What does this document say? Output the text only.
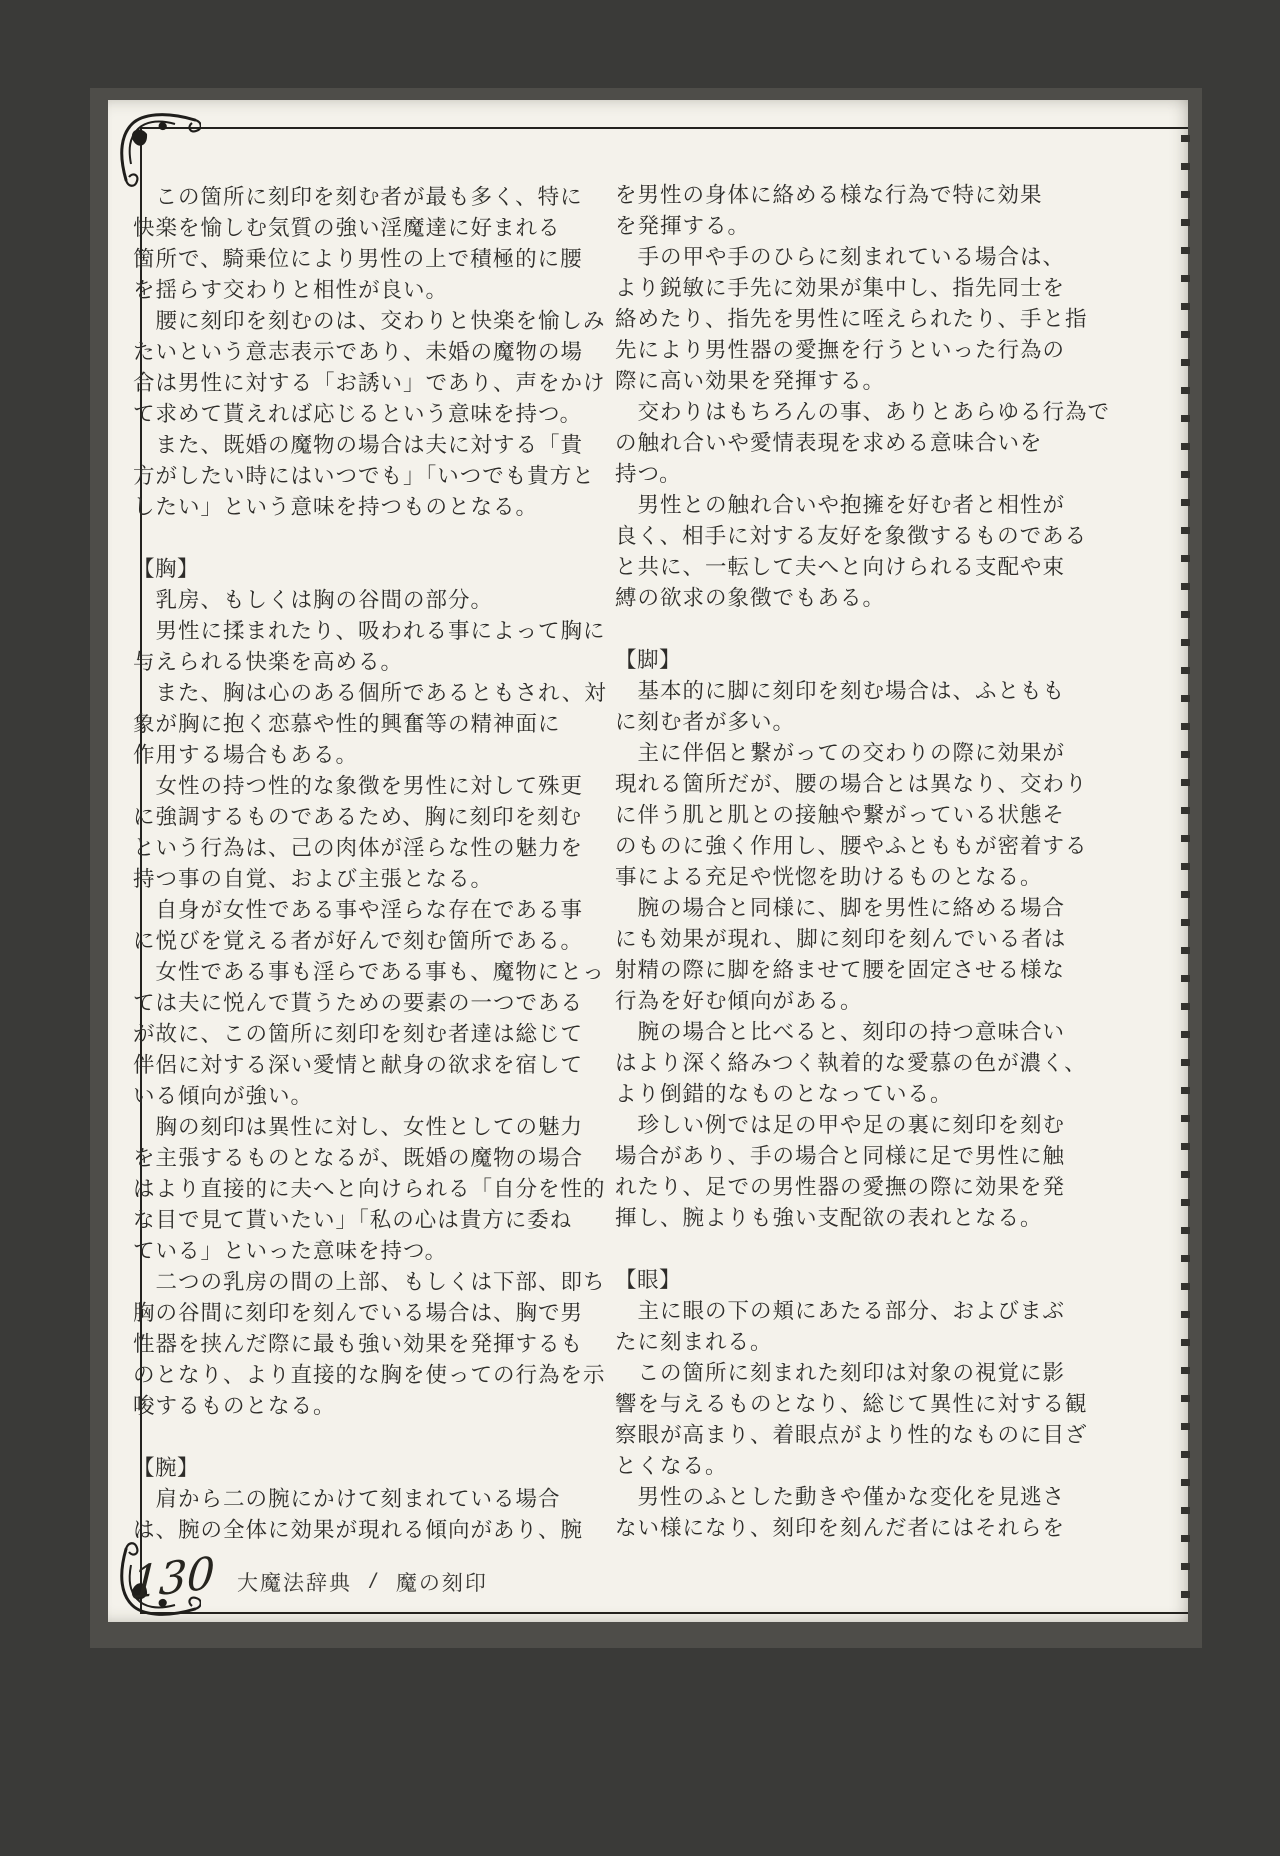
　この箇所に刻印を刻む者が最も多く、特に
快楽を愉しむ気質の強い淫魔達に好まれる
箇所で、騎乗位により男性の上で積極的に腰
を揺らす交わりと相性が良い。
　腰に刻印を刻むのは、交わりと快楽を愉しみ
たいという意志表示であり、未婚の魔物の場
合は男性に対する「お誘い」であり、声をかけ
て求めて貰えれば応じるという意味を持つ。
　また、既婚の魔物の場合は夫に対する「貴
方がしたい時にはいつでも」「いつでも貴方と
したい」という意味を持つものとなる。
【胸】
　乳房、もしくは胸の谷間の部分。
　男性に揉まれたり、吸われる事によって胸に
与えられる快楽を高める。
　また、胸は心のある個所であるともされ、対
象が胸に抱く恋慕や性的興奮等の精神面に
作用する場合もある。
　女性の持つ性的な象徴を男性に対して殊更
に強調するものであるため、胸に刻印を刻む
という行為は、己の肉体が淫らな性の魅力を
持つ事の自覚、および主張となる。
　自身が女性である事や淫らな存在である事
に悦びを覚える者が好んで刻む箇所である。
　女性である事も淫らである事も、魔物にとっ
ては夫に悦んで貰うための要素の一つである
が故に、この箇所に刻印を刻む者達は総じて
伴侶に対する深い愛情と献身の欲求を宿して
いる傾向が強い。
　胸の刻印は異性に対し、女性としての魅力
を主張するものとなるが、既婚の魔物の場合
はより直接的に夫へと向けられる「自分を性的
な目で見て貰いたい」「私の心は貴方に委ね
ている」といった意味を持つ。
　二つの乳房の間の上部、もしくは下部、即ち
胸の谷間に刻印を刻んでいる場合は、胸で男
性器を挟んだ際に最も強い効果を発揮するも
のとなり、より直接的な胸を使っての行為を示
唆するものとなる。
【腕】
　肩から二の腕にかけて刻まれている場合
は、腕の全体に効果が現れる傾向があり、腕
を男性の身体に絡める様な行為で特に効果
を発揮する。
　手の甲や手のひらに刻まれている場合は、
より鋭敏に手先に効果が集中し、指先同士を
絡めたり、指先を男性に咥えられたり、手と指
先により男性器の愛撫を行うといった行為の
際に高い効果を発揮する。
　交わりはもちろんの事、ありとあらゆる行為で
の触れ合いや愛情表現を求める意味合いを
持つ。
　男性との触れ合いや抱擁を好む者と相性が
良く、相手に対する友好を象徴するものである
と共に、一転して夫へと向けられる支配や束
縛の欲求の象徴でもある。
【脚】
　基本的に脚に刻印を刻む場合は、ふともも
に刻む者が多い。
　主に伴侶と繋がっての交わりの際に効果が
現れる箇所だが、腰の場合とは異なり、交わり
に伴う肌と肌との接触や繋がっている状態そ
のものに強く作用し、腰やふとももが密着する
事による充足や恍惚を助けるものとなる。
　腕の場合と同様に、脚を男性に絡める場合
にも効果が現れ、脚に刻印を刻んでいる者は
射精の際に脚を絡ませて腰を固定させる様な
行為を好む傾向がある。
　腕の場合と比べると、刻印の持つ意味合い
はより深く絡みつく執着的な愛慕の色が濃く、
より倒錯的なものとなっている。
　珍しい例では足の甲や足の裏に刻印を刻む
場合があり、手の場合と同様に足で男性に触
れたり、足での男性器の愛撫の際に効果を発
揮し、腕よりも強い支配欲の表れとなる。
【眼】
　主に眼の下の頬にあたる部分、およびまぶ
たに刻まれる。
　この箇所に刻まれた刻印は対象の視覚に影
響を与えるものとなり、総じて異性に対する観
察眼が高まり、着眼点がより性的なものに目ざ
とくなる。
　男性のふとした動きや僅かな変化を見逃さ
ない様になり、刻印を刻んだ者にはそれらを
130 大魔法辞典 / 魔の刻印
